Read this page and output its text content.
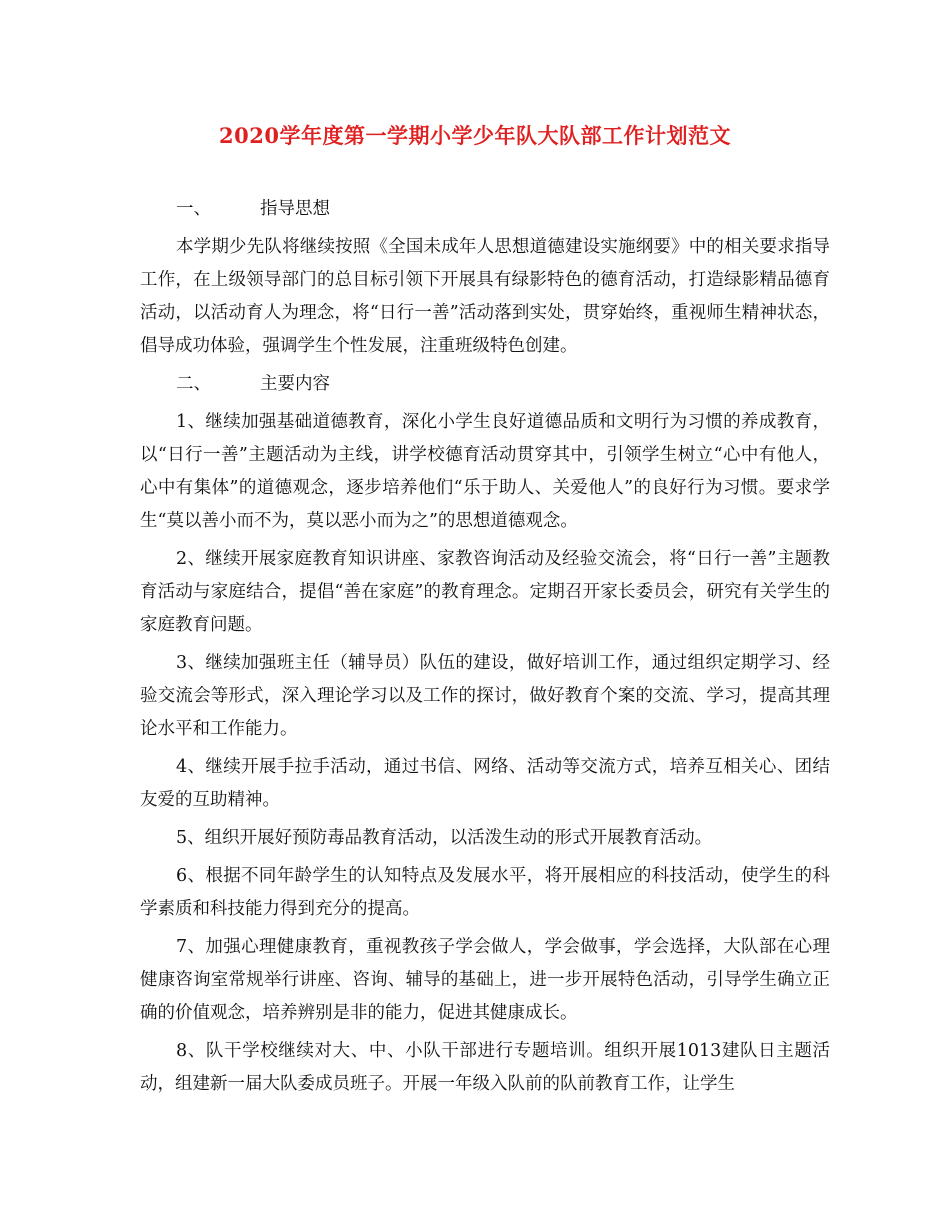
2020学年度第一学期小学少年队大队部工作计划范文
一、	指导思想

本学期少先队将继续按照《全国未成年人思想道德建设实施纲要》中的相关要求指导工作，在上级领导部门的总目标引领下开展具有绿影特色的德育活动，打造绿影精品德育活动，以活动育人为理念，将“日行一善”活动落到实处，贯穿始终，重视师生精神状态，倡导成功体验，强调学生个性发展，注重班级特色创建。

二、	主要内容

1、继续加强基础道德教育，深化小学生良好道德品质和文明行为习惯的养成教育，以“日行一善”主题活动为主线，讲学校德育活动贯穿其中，引领学生树立“心中有他人，心中有集体”的道德观念，逐步培养他们“乐于助人、关爱他人”的良好行为习惯。要求学生“莫以善小而不为，莫以恶小而为之”的思想道德观念。

2、继续开展家庭教育知识讲座、家教咨询活动及经验交流会，将“日行一善”主题教育活动与家庭结合，提倡“善在家庭”的教育理念。定期召开家长委员会，研究有关学生的家庭教育问题。

3、继续加强班主任（辅导员）队伍的建设，做好培训工作，通过组织定期学习、经验交流会等形式，深入理论学习以及工作的探讨，做好教育个案的交流、学习，提高其理论水平和工作能力。

4、继续开展手拉手活动，通过书信、网络、活动等交流方式，培养互相关心、团结友爱的互助精神。

5、组织开展好预防毒品教育活动，以活泼生动的形式开展教育活动。

6、根据不同年龄学生的认知特点及发展水平，将开展相应的科技活动，使学生的科学素质和科技能力得到充分的提高。

7、加强心理健康教育，重视教孩子学会做人，学会做事，学会选择，大队部在心理健康咨询室常规举行讲座、咨询、辅导的基础上，进一步开展特色活动，引导学生确立正确的价值观念，培养辨别是非的能力，促进其健康成长。

8、队干学校继续对大、中、小队干部进行专题培训。组织开展1013建队日主题活动，组建新一届大队委成员班子。开展一年级入队前的队前教育工作，让学生
